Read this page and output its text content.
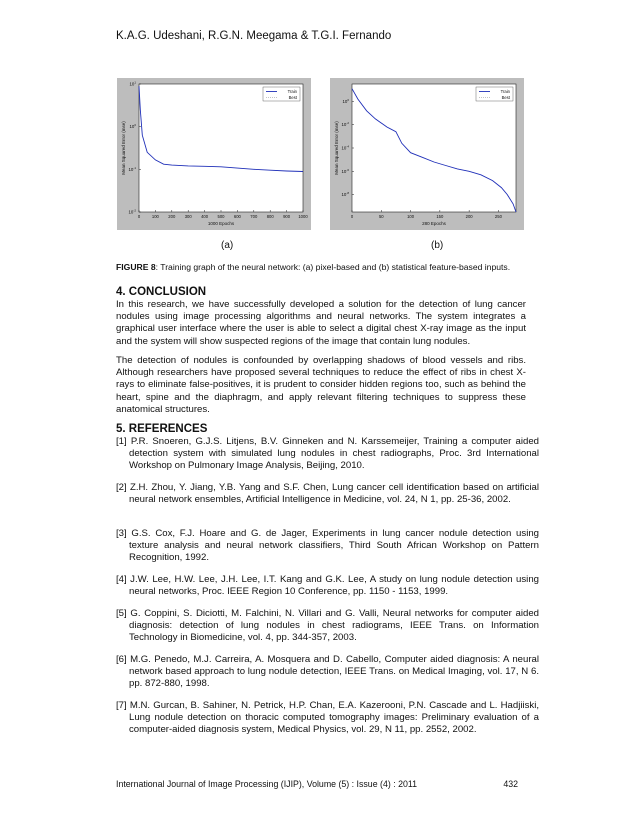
K.A.G. Udeshani, R.G.N. Meegama & T.G.I. Fernando
0	100 200 300 400 500 600 700 800 900 1000
$10^1$
$10^0$
$10^{-1}$
$10^{-2}$
1000 Epochs
Mean Squared Error (mse)
Train
Best
0	50	100	150	200	250
$10^0$
$10^{-2}$
$10^{-4}$
$10^{-6}$
$10^{-8}$
280 Epochs
Mean Squared Error (mse)
Train
Best
(a)	(b)
FIGURE 8: Training graph of the neural network: (a) pixel-based and (b) statistical feature-based inputs.
4. CONCLUSION

In this research, we have successfully developed a solution for the detection of lung cancer nodules using image processing algorithms and neural networks. The system integrates a graphical user interface where the user is able to select a digital chest X-ray image as the input and the system will show suspected regions of the image that contain lung nodules.

The detection of nodules is confounded by overlapping shadows of blood vessels and ribs. Although researchers have proposed several techniques to reduce the effect of ribs in chest X-rays to eliminate false-positives, it is prudent to consider hidden regions too, such as behind the heart, spine and the diaphragm, and apply relevant filtering techniques to suppress these anatomical structures.

5. REFERENCES

[1] P.R. Snoeren, G.J.S. Litjens, B.V. Ginneken and N. Karssemeijer, Training a computer aided detection system with simulated lung nodules in chest radiographs, Proc. 3rd International Workshop on Pulmonary Image Analysis, Beijing, 2010.

[2] Z.H. Zhou, Y. Jiang, Y.B. Yang and S.F. Chen, Lung cancer cell identification based on artificial neural network ensembles, Artificial Intelligence in Medicine, vol. 24, N 1, pp. 25-36, 2002.

[3] G.S. Cox, F.J. Hoare and G. de Jager, Experiments in lung cancer nodule detection using texture analysis and neural network classifiers, Third South African Workshop on Pattern Recognition, 1992.

[4] J.W. Lee, H.W. Lee, J.H. Lee, I.T. Kang and G.K. Lee, A study on lung nodule detection using neural networks, Proc. IEEE Region 10 Conference, pp. 1150 - 1153, 1999.

[5] G. Coppini, S. Diciotti, M. Falchini, N. Villari and G. Valli, Neural networks for computer aided diagnosis: detection of lung nodules in chest radiograms, IEEE Trans. on Information Technology in Biomedicine, vol. 4, pp. 344-357, 2003.

[6] M.G. Penedo, M.J. Carreira, A. Mosquera and D. Cabello, Computer aided diagnosis: A neural network based approach to lung nodule detection, IEEE Trans. on Medical Imaging, vol. 17, N 6. pp. 872-880, 1998.

[7] M.N. Gurcan, B. Sahiner, N. Petrick, H.P. Chan, E.A. Kazerooni, P.N. Cascade and L. Hadjiiski, Lung nodule detection on thoracic computed tomography images: Preliminary evaluation of a computer-aided diagnosis system, Medical Physics, vol. 29, N 11, pp. 2552, 2002.

International Journal of Image Processing (IJIP), Volume (5) : Issue (4) : 2011	432
